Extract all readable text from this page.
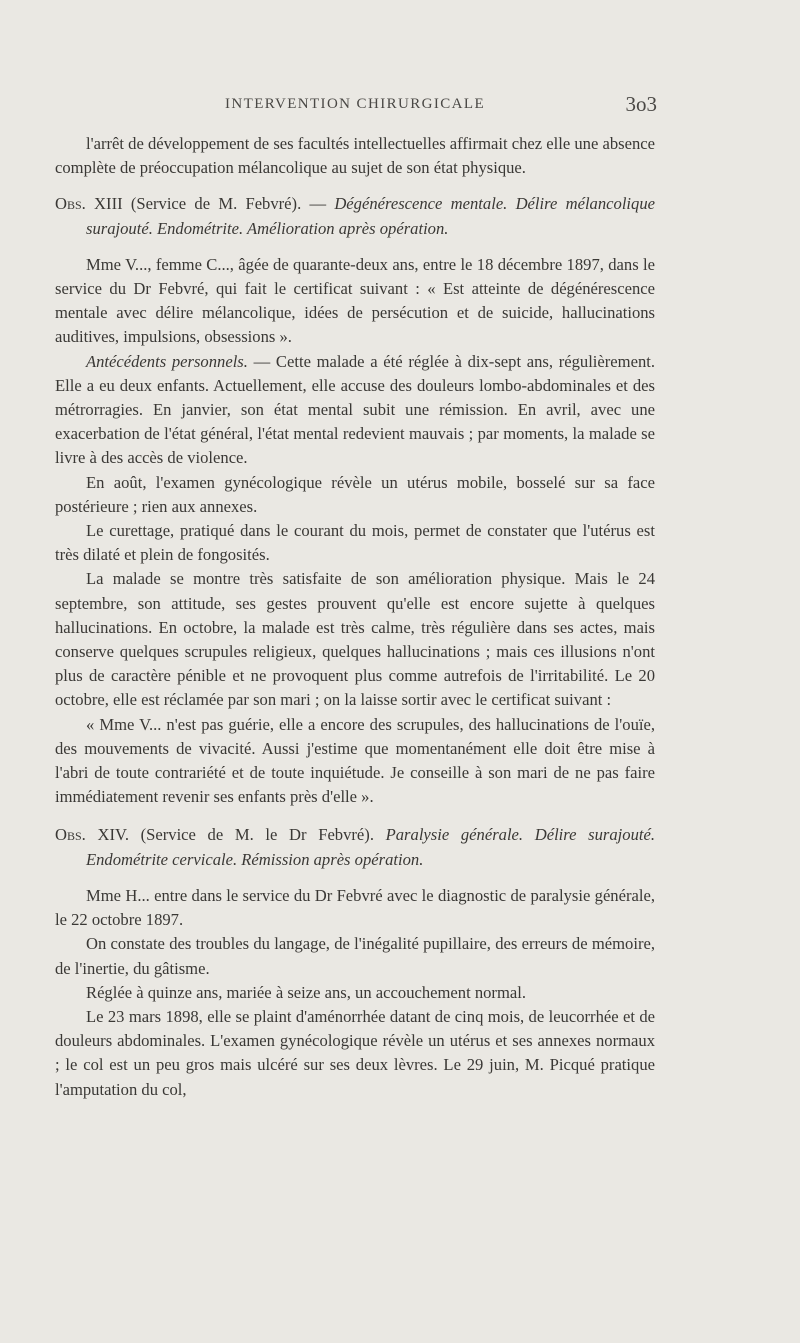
INTERVENTION CHIRURGICALE	3o3

l'arrêt de développement de ses facultés intellectuelles affirmait chez elle une absence complète de préoccupation mélancolique au sujet de son état physique.

Obs. XIII (Service de M. Febvré). — Dégénérescence mentale. Délire mélancolique surajouté. Endométrite. Amélioration après opération.

Mme V..., femme C..., âgée de quarante-deux ans, entre le 18 décembre 1897, dans le service du Dr Febvré, qui fait le certificat suivant : « Est atteinte de dégénérescence mentale avec délire mélancolique, idées de persécution et de suicide, hallucinations auditives, impulsions, obsessions ».

Antécédents personnels. — Cette malade a été réglée à dix-sept ans, régulièrement. Elle a eu deux enfants. Actuellement, elle accuse des douleurs lombo-abdominales et des métrorragies. En janvier, son état mental subit une rémission. En avril, avec une exacerbation de l'état général, l'état mental redevient mauvais ; par moments, la malade se livre à des accès de violence.

En août, l'examen gynécologique révèle un utérus mobile, bosselé sur sa face postérieure ; rien aux annexes.

Le curettage, pratiqué dans le courant du mois, permet de constater que l'utérus est très dilaté et plein de fongosités.

La malade se montre très satisfaite de son amélioration physique. Mais le 24 septembre, son attitude, ses gestes prouvent qu'elle est encore sujette à quelques hallucinations. En octobre, la malade est très calme, très régulière dans ses actes, mais conserve quelques scrupules religieux, quelques hallucinations ; mais ces illusions n'ont plus de caractère pénible et ne provoquent plus comme autrefois de l'irritabilité. Le 20 octobre, elle est réclamée par son mari ; on la laisse sortir avec le certificat suivant :

« Mme V... n'est pas guérie, elle a encore des scrupules, des hallucinations de l'ouïe, des mouvements de vivacité. Aussi j'estime que momentanément elle doit être mise à l'abri de toute contrariété et de toute inquiétude. Je conseille à son mari de ne pas faire immédiatement revenir ses enfants près d'elle ».

Obs. XIV. (Service de M. le Dr Febvré). Paralysie générale. Délire surajouté. Endométrite cervicale. Rémission après opération.

Mme H... entre dans le service du Dr Febvré avec le diagnostic de paralysie générale, le 22 octobre 1897.

On constate des troubles du langage, de l'inégalité pupillaire, des erreurs de mémoire, de l'inertie, du gâtisme.

Réglée à quinze ans, mariée à seize ans, un accouchement normal.

Le 23 mars 1898, elle se plaint d'aménorrhée datant de cinq mois, de leucorrhée et de douleurs abdominales. L'examen gynécologique révèle un utérus et ses annexes normaux ; le col est un peu gros mais ulcéré sur ses deux lèvres. Le 29 juin, M. Picqué pratique l'amputation du col,
